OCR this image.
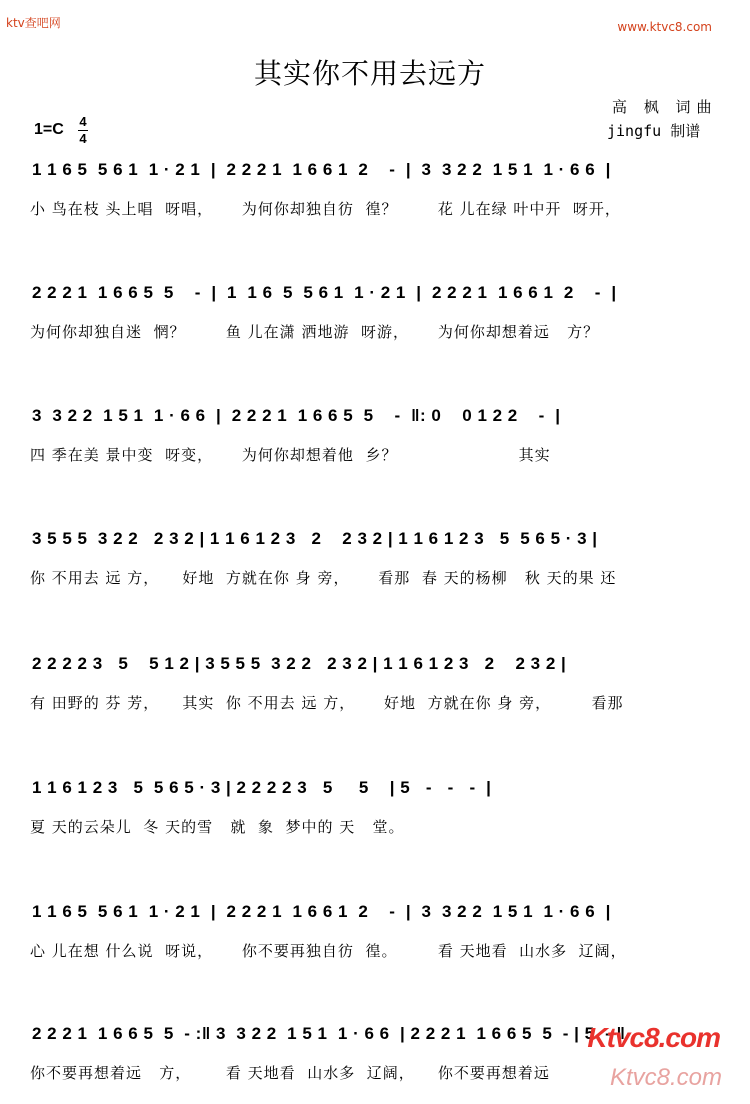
ktv查吧网	www.ktvc8.com
其实你不用去远方
高 枫 词曲
jingfu 制谱
1=C 4
4
1 1 6 5  5 6 1  1 · 2 1  |  2 2 2 1  1 6 6 1  2    -  |  3  3 2 2  1 5 1  1 · 6 6  |
小 鸟在枝 头上唱  呀唱，     为何你却独自彷  徨？       花 儿在绿 叶中开  呀开，
2 2 2 1  1 6 6 5  5    -  |  1  1 6  5  5 6 1  1 · 2 1  |  2 2 2 1  1 6 6 1  2    -  |
为何你却独自迷  惘？       鱼 儿在潇 洒地游  呀游，     为何你却想着远   方？
3  3 2 2  1 5 1  1 · 6 6  |  2 2 2 1  1 6 6 5  5    -  ‖: 0    0 1 2 2    -  |
四 季在美 景中变  呀变，     为何你却想着他  乡？                     其实
3 5 5 5  3 2 2   2 3 2 | 1 1 6 1 2 3   2    2 3 2 | 1 1 6 1 2 3   5  5 6 5 · 3 |
你 不用去 远 方，    好地  方就在你 身 旁，     看那  春 天的杨柳   秋 天的果 还
2 2 2 2 3   5    5 1 2 | 3 5 5 5  3 2 2   2 3 2 | 1 1 6 1 2 3   2    2 3 2 |
有 田野的 芬 芳，    其实  你 不用去 远 方，     好地  方就在你 身 旁，       看那
1 1 6 1 2 3   5  5 6 5 · 3 | 2 2 2 2 3   5     5    | 5   -   -   -  |
夏 天的云朵儿  冬 天的雪   就  象  梦中的 天   堂。
1 1 6 5  5 6 1  1 · 2 1  |  2 2 2 1  1 6 6 1  2    -  |  3  3 2 2  1 5 1  1 · 6 6  |
心 儿在想 什么说  呀说，     你不要再独自彷  徨。       看 天地看  山水多  辽阔，
2 2 2 1  1 6 6 5  5  - :‖ 3  3 2 2  1 5 1  1 · 6 6  | 2 2 2 1  1 6 6 5  5  - | 5  - ‖
你不要再想着远   方，      看 天地看  山水多  辽阔，    你不要再想着远
Ktvc8.com
Ktvc8.com
